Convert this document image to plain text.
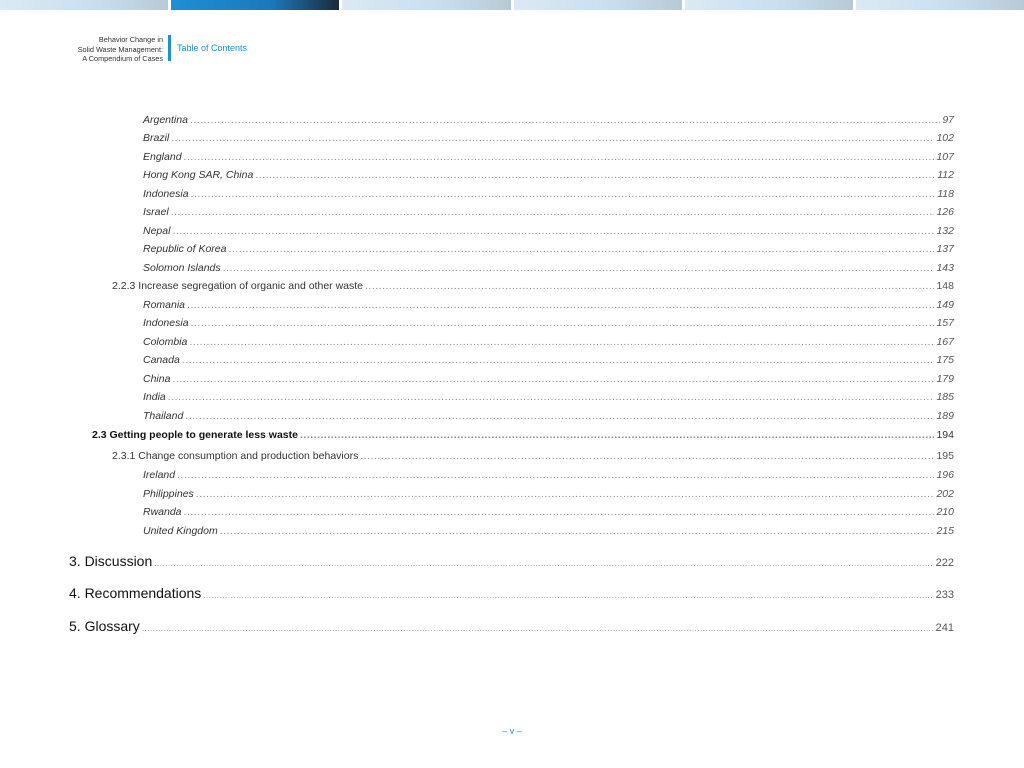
Behavior Change in
Solid Waste Management:
A Compendium of Cases
Table of Contents
Argentina .....	97
Brazil .....	102
England .....	107
Hong Kong SAR, China .....	112
Indonesia .....	118
Israel .....	126
Nepal .....	132
Republic of Korea .....	137
Solomon Islands .....	143
2.2.3 Increase segregation of organic and other waste .....	148
Romania .....	149
Indonesia .....	157
Colombia .....	167
Canada .....	175
China .....	179
India .....	185
Thailand .....	189
2.3 Getting people to generate less waste .....	194
2.3.1 Change consumption and production behaviors .....	195
Ireland .....	196
Philippines .....	202
Rwanda .....	210
United Kingdom .....	215
3. Discussion .....	222
4. Recommendations .....	233
5. Glossary .....	241
– v –
